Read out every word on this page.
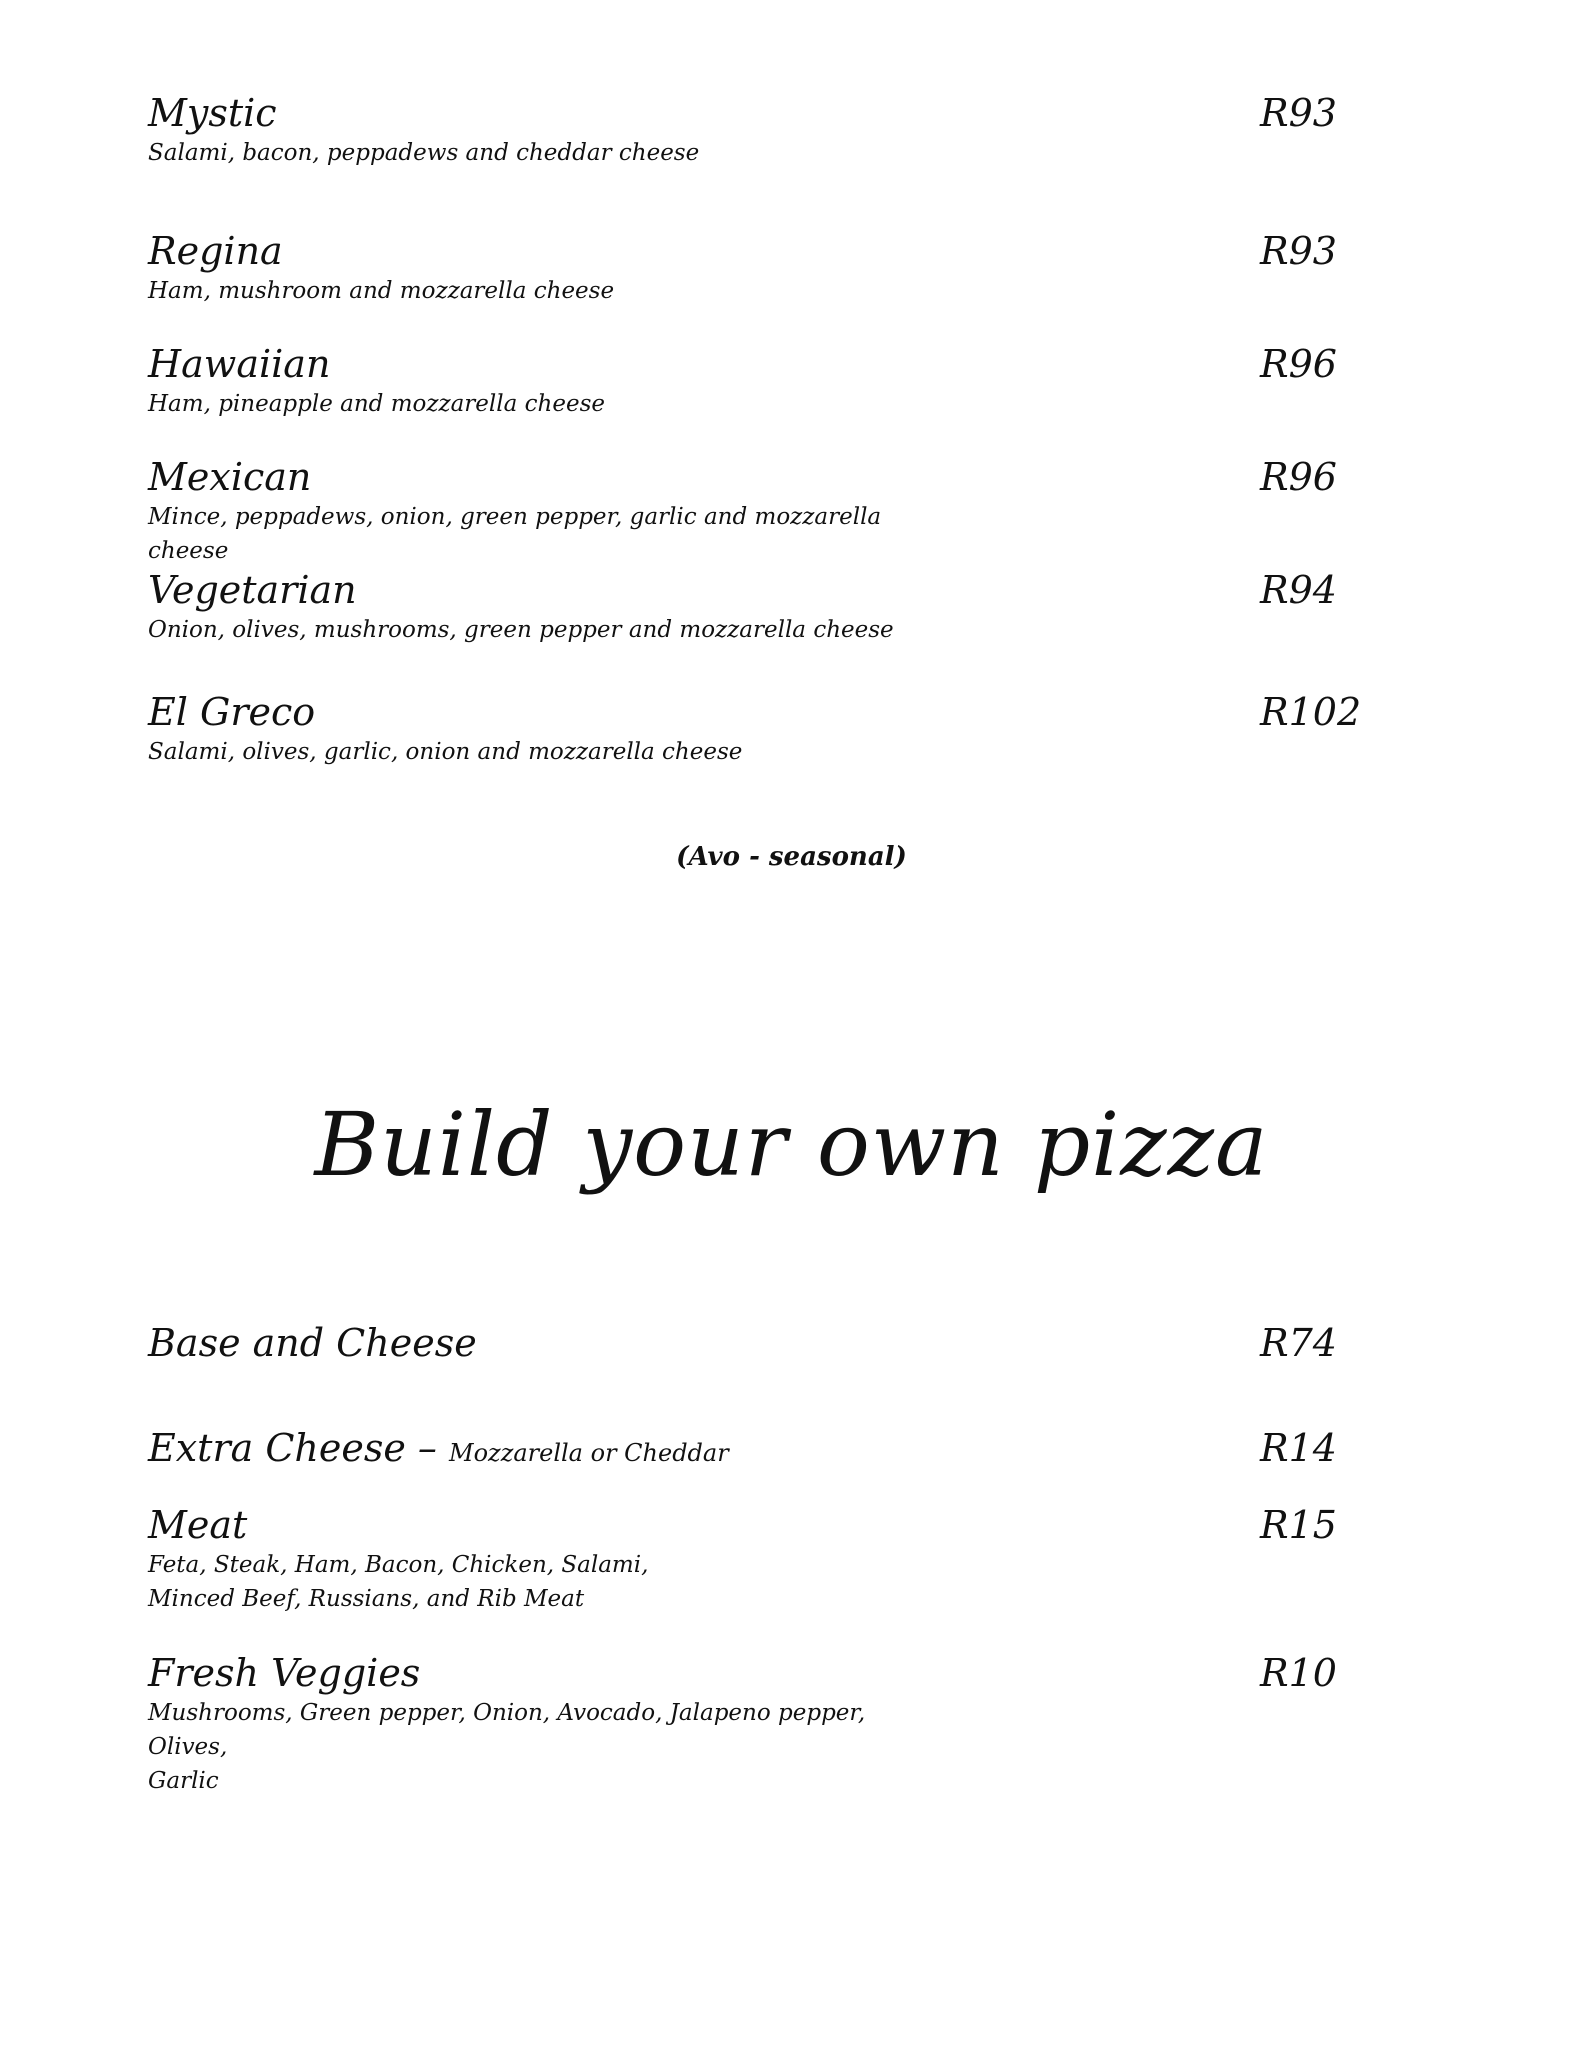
Mystic
Salami, bacon, peppadews and cheddar cheese
R93
Regina
Ham, mushroom and mozzarella cheese
R93
Hawaiian
Ham, pineapple and mozzarella cheese
R96
Mexican
Mince, peppadews, onion, green pepper, garlic and mozzarella cheese
R96
Vegetarian
Onion, olives, mushrooms, green pepper and mozzarella cheese
R94
El Greco
Salami, olives, garlic, onion and mozzarella cheese
R102
(Avo - seasonal)
Build your own pizza
Base and Cheese	R74
Extra Cheese – Mozzarella or Cheddar	R14
Meat
Feta, Steak, Ham, Bacon, Chicken, Salami,
Minced Beef, Russians, and Rib Meat
R15
Fresh Veggies
Mushrooms, Green pepper, Onion, Avocado, Jalapeno pepper, Olives,
Garlic
R10
